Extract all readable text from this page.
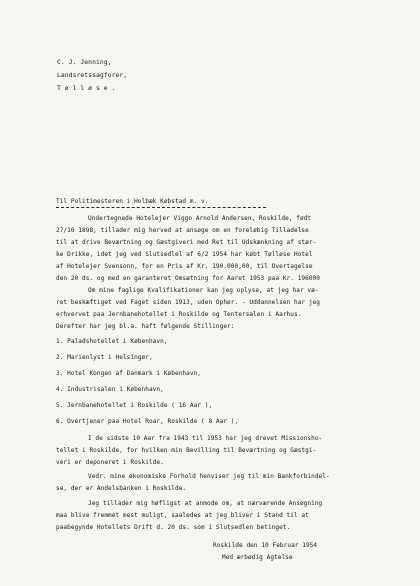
C. J. Jenning,
Landsretssagforer,
T ø l l ø s e .
Til Politimesteren i Holbæk Købstad m. v.
Undertegnede Hotelejer Viggo Arnold Andersen, Roskilde, født
27/10 1898, tillader mig herved at ansøge om en foreløbig Tilladelse
til at drive Beværtning og Gæstgiveri med Ret til Udskænkning af stær-
ke Drikke, idet jeg ved Slutsedlel af 6/2 1954 har købt Tølløse Hotel
af Hotelejer Svensonn, for en Pris af Kr. 190.000,00, til Overtagelse
den 20 ds. og med en garanteret Omsætning for Aaret 1953 paa Kr. 196000
Om mine faglige Kvalifikationer kan jeg oplyse, at jeg har væ-
ret beskæftiget ved Faget siden 1913, uden Ophør. - Uddannelsen har jeg
erhvervet paa Jernbanehotellet i Roskilde og Tentersalen i Aarhus.
Derefter har jeg bl.a. haft følgende Stillinger:
1. Paladshotellet i København,
2. Marienlyst i Helsingør,
3. Hotel Kongen af Danmark i København,
4. Industrisalen i København,
5. Jernbanehotellet i Roskilde ( 16 Aar ),
6. Overtjener paa Hotel Roar, Roskilde ( 8 Aar ),
I de sidste 10 Aar fra 1943 til 1953 har jeg drevet Missionsho-
tellet i Roskilde, for hvilken min Bevilling til Beværtning og Gæstgi-
veri er deponeret i Roskilde.
Vedr. mine økonomiske Forhold henviser jeg til min Bankforbindel-
se, der er Andelsbanken i Roskilde.
Jeg tillader mig høfligst at anmode om, at nærværende Ansøgning
maa blive fremmet mest muligt, saaledes at jeg bliver i Stand til at
paabegynde Hotellets Drift d. 20 ds. som i Slutsedlen betinget.
Roskilde den 10 Februar 1954
Med ærbødig Agtelse
